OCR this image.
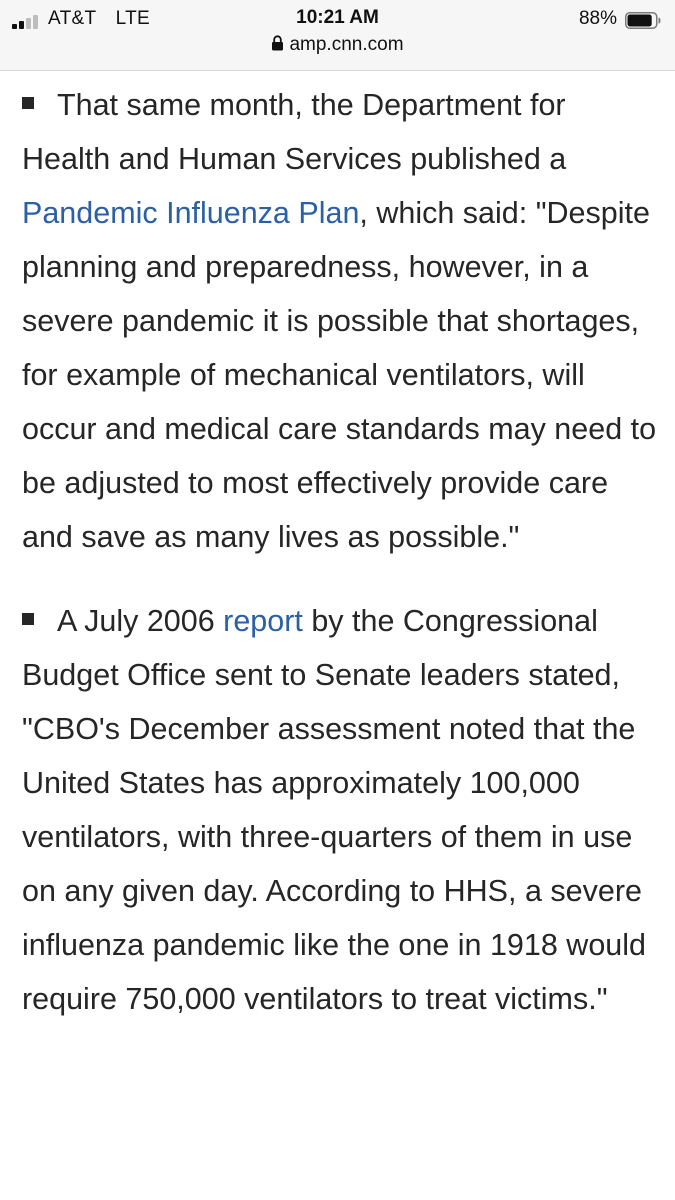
AT&T LTE	10:21 AM	88%
amp.cnn.com
That same month, the Department for Health and Human Services published a Pandemic Influenza Plan, which said: "Despite planning and preparedness, however, in a severe pandemic it is possible that shortages, for example of mechanical ventilators, will occur and medical care standards may need to be adjusted to most effectively provide care and save as many lives as possible."
A July 2006 report by the Congressional Budget Office sent to Senate leaders stated, "CBO's December assessment noted that the United States has approximately 100,000 ventilators, with three-quarters of them in use on any given day. According to HHS, a severe influenza pandemic like the one in 1918 would require 750,000 ventilators to treat victims."
